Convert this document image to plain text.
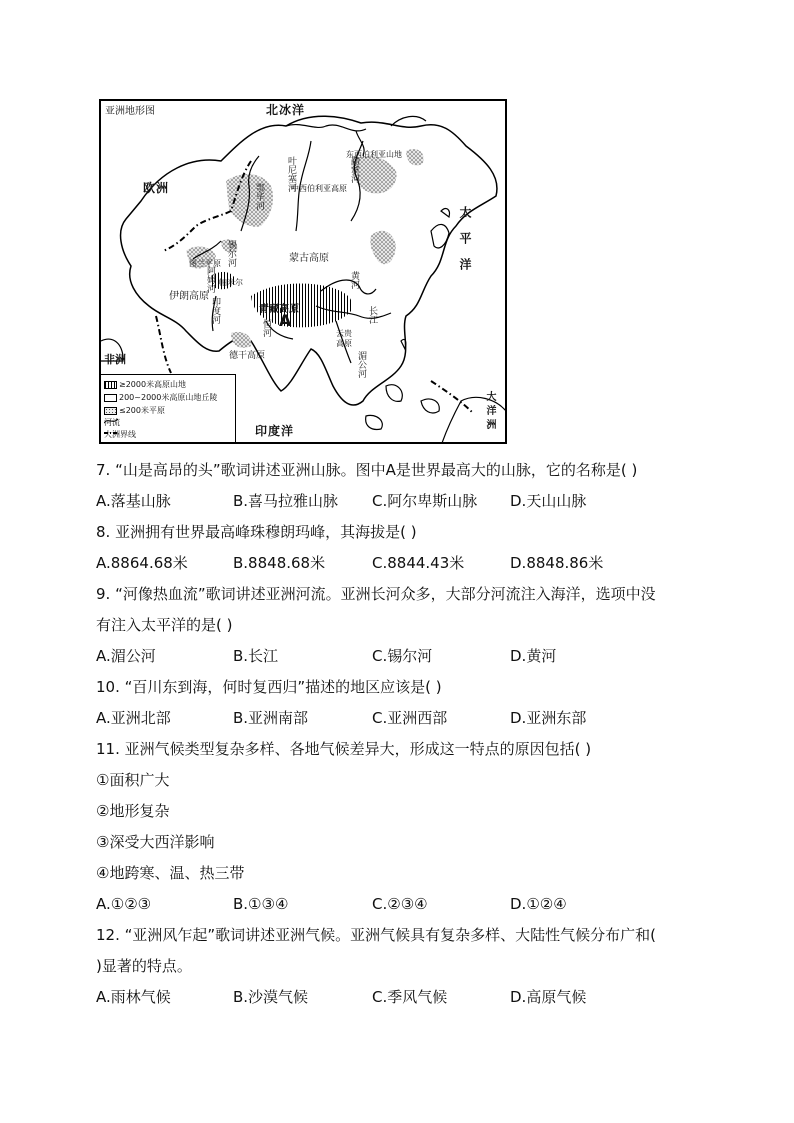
亚洲地形图	北冰洋
欧洲
太平洋
印度洋
非洲
大洋洲
叶尼塞河	勒拿河
东西伯利亚山地
中西伯利亚高原
鄂毕河
蒙古高原
锡尔河
图兰平原
阿姆河 帕米尔
伊朗高原
印度河	青藏高原
A
黄河
长江
云贵高原
恒河
德干高原	湄公河
≥2000米高原山地
200~2000米高原山地丘陵
≤200米平原
河流
大洲界线
7. “山是高昂的头”歌词讲述亚洲山脉。图中A是世界最高大的山脉，它的名称是( )
A.落基山脉	B.喜马拉雅山脉 C.阿尔卑斯山脉 D.天山山脉
8. 亚洲拥有世界最高峰珠穆朗玛峰，其海拔是( )
A.8864.68米	B.8848.68米	C.8844.43米	D.8848.86米
9. “河像热血流”歌词讲述亚洲河流。亚洲长河众多，大部分河流注入海洋，选项中没
有注入太平洋的是( )
A.湄公河	B.长江	C.锡尔河	D.黄河
10. “百川东到海，何时复西归”描述的地区应该是( )
A.亚洲北部	B.亚洲南部	C.亚洲西部	D.亚洲东部
11. 亚洲气候类型复杂多样、各地气候差异大，形成这一特点的原因包括( )
①面积广大
②地形复杂
③深受大西洋影响
④地跨寒、温、热三带
A.①②③	B.①③④	C.②③④	D.①②④
12. “亚洲风乍起”歌词讲述亚洲气候。亚洲气候具有复杂多样、大陆性气候分布广和(
)显著的特点。
A.雨林气候	B.沙漠气候	C.季风气候	D.高原气候
